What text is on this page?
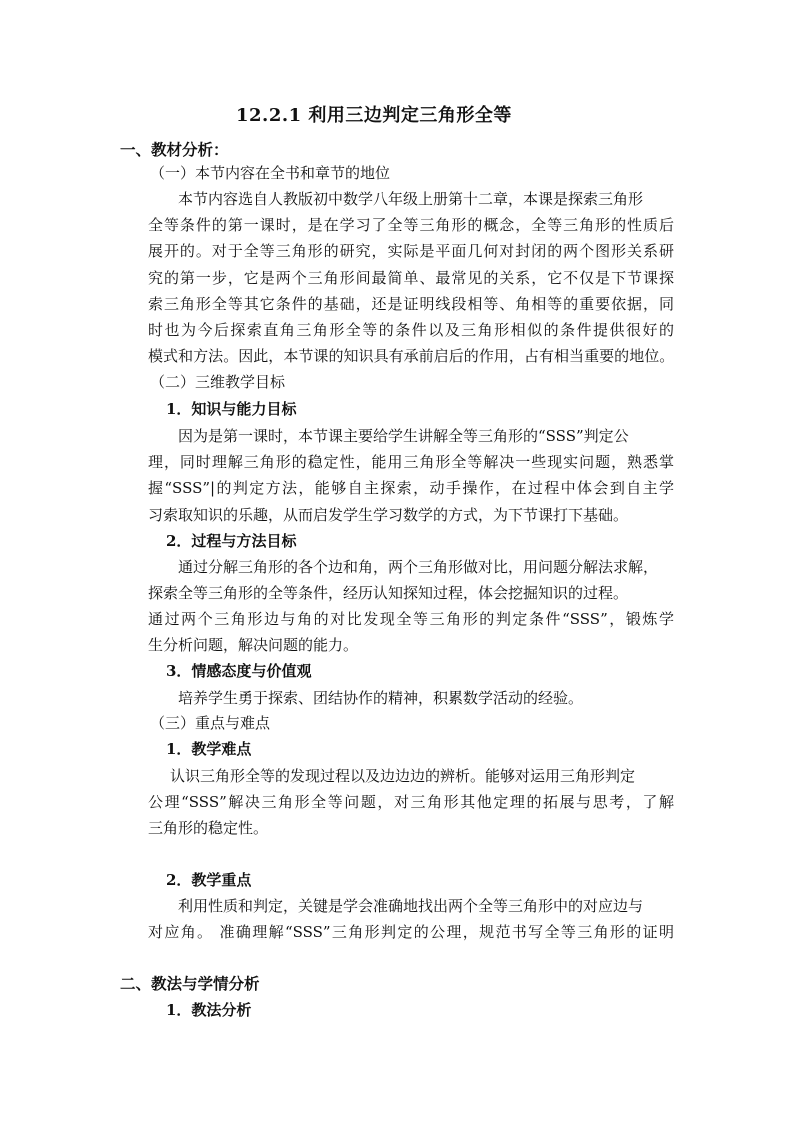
12.2.1 利用三边判定三角形全等
一、教材分析：
（一）本节内容在全书和章节的地位
本节内容选自人教版初中数学八年级上册第十二章，本课是探索三角形
全等条件的第一课时，是在学习了全等三角形的概念，全等三角形的性质后
展开的。对于全等三角形的研究，实际是平面几何对封闭的两个图形关系研
究的第一步，它是两个三角形间最简单、最常见的关系，它不仅是下节课探
索三角形全等其它条件的基础，还是证明线段相等、角相等的重要依据，同
时也为今后探索直角三角形全等的条件以及三角形相似的条件提供很好的
模式和方法。因此，本节课的知识具有承前启后的作用，占有相当重要的地位。
（二）三维教学目标
1．知识与能力目标
因为是第一课时，本节课主要给学生讲解全等三角形的“SSS”判定公
理，同时理解三角形的稳定性，能用三角形全等解决一些现实问题，熟悉掌
握“SSS”|的判定方法，能够自主探索，动手操作，在过程中体会到自主学
习索取知识的乐趣，从而启发学生学习数学的方式，为下节课打下基础。
2．过程与方法目标
通过分解三角形的各个边和角，两个三角形做对比，用问题分解法求解，
探索全等三角形的全等条件，经历认知探知过程，体会挖掘知识的过程。
通过两个三角形边与角的对比发现全等三角形的判定条件“SSS”，锻炼学
生分析问题，解决问题的能力。
3．情感态度与价值观
培养学生勇于探索、团结协作的精神，积累数学活动的经验。
（三）重点与难点
1．教学难点
认识三角形全等的发现过程以及边边边的辨析。能够对运用三角形判定
公理“SSS”解决三角形全等问题，对三角形其他定理的拓展与思考，了解
三角形的稳定性。
2．教学重点
利用性质和判定，关键是学会准确地找出两个全等三角形中的对应边与
对应角。 准确理解“SSS”三角形判定的公理，规范书写全等三角形的证明
二、教法与学情分析
1．教法分析
